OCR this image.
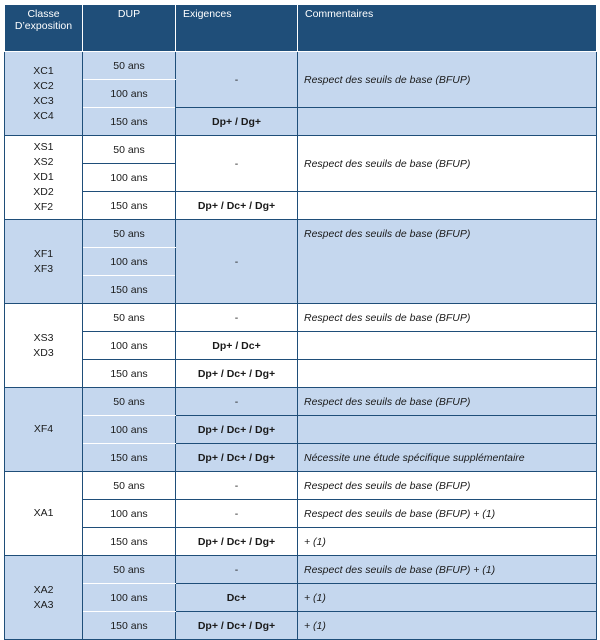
Classe
D’exposition	DUP	Exigences	Commentaires

XC1
XC2
XC3
XC4	50 ans	-	Respect des seuils de base (BFUP)
	100 ans		
	150 ans	Dp+ / Dg+	

XS1
XS2
XD1
XD2
XF2	50 ans	-	Respect des seuils de base (BFUP)
	100 ans		
	150 ans	Dp+ / Dc+ / Dg+	

XF1
XF3	50 ans	-	Respect des seuils de base (BFUP)
	100 ans		
	150 ans		

XS3
XD3	50 ans	-	Respect des seuils de base (BFUP)
	100 ans	Dp+ / Dc+	
	150 ans	Dp+ / Dc+ / Dg+	

XF4	50 ans	-	Respect des seuils de base (BFUP)
	100 ans	Dp+ / Dc+ / Dg+	
	150 ans	Dp+ / Dc+ / Dg+	Nécessite une étude spécifique supplémentaire

XA1	50 ans	-	Respect des seuils de base (BFUP)
	100 ans	-	Respect des seuils de base (BFUP) + (1)
	150 ans	Dp+ / Dc+ / Dg+	+ (1)

XA2
XA3	50 ans	-	Respect des seuils de base (BFUP) + (1)
	100 ans	Dc+	+ (1)
	150 ans	Dp+ / Dc+ / Dg+	+ (1)
